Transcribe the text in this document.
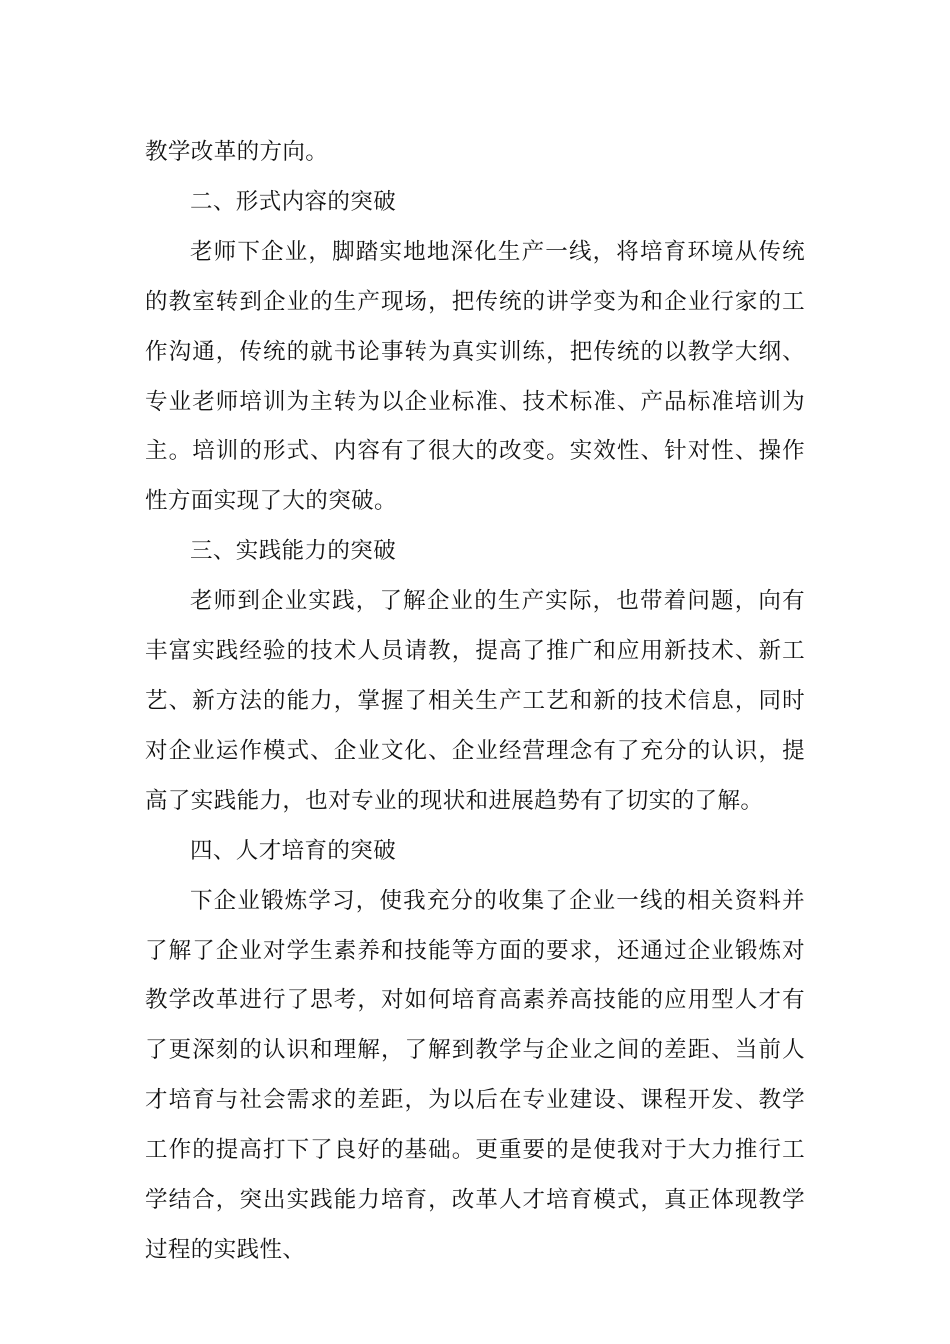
教学改革的方向。

二、形式内容的突破

老师下企业，脚踏实地地深化生产一线，将培育环境从传统的教室转到企业的生产现场，把传统的讲学变为和企业行家的工作沟通，传统的就书论事转为真实训练，把传统的以教学大纲、专业老师培训为主转为以企业标准、技术标准、产品标准培训为主。培训的形式、内容有了很大的改变。实效性、针对性、操作性方面实现了大的突破。

三、实践能力的突破

老师到企业实践，了解企业的生产实际，也带着问题，向有丰富实践经验的技术人员请教，提高了推广和应用新技术、新工艺、新方法的能力，掌握了相关生产工艺和新的技术信息，同时对企业运作模式、企业文化、企业经营理念有了充分的认识，提高了实践能力，也对专业的现状和进展趋势有了切实的了解。

四、人才培育的突破

下企业锻炼学习，使我充分的收集了企业一线的相关资料并了解了企业对学生素养和技能等方面的要求，还通过企业锻炼对教学改革进行了思考，对如何培育高素养高技能的应用型人才有了更深刻的认识和理解，了解到教学与企业之间的差距、当前人才培育与社会需求的差距，为以后在专业建设、课程开发、教学工作的提高打下了良好的基础。更重要的是使我对于大力推行工学结合，突出实践能力培育，改革人才培育模式，真正体现教学过程的实践性、
